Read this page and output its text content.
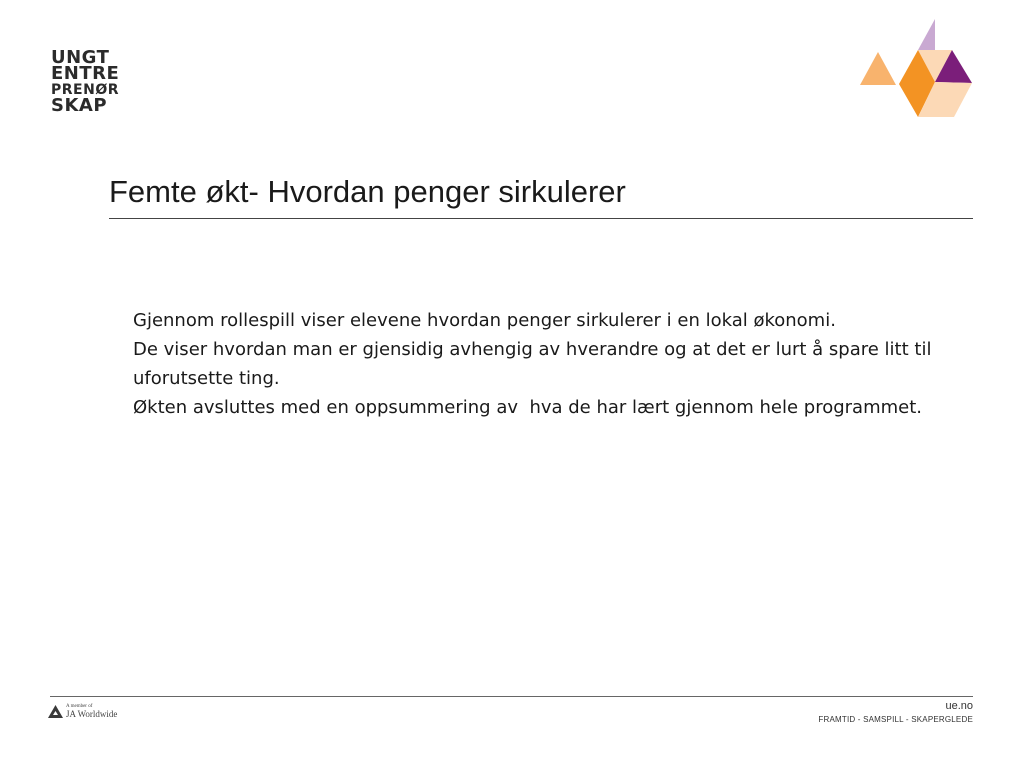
UNGT
ENTRE
PRENØR
SKAP
Femte økt- Hvordan penger sirkulerer

Gjennom rollespill viser elevene hvordan penger sirkulerer i en lokal økonomi.

De viser hvordan man er gjensidig avhengig av hverandre og at det er lurt å spare litt til uforutsette ting.

Økten avsluttes med en oppsummering av  hva de har lært gjennom hele programmet.

A member of
JA Worldwide
ue.no
FRAMTID - SAMSPILL - SKAPERGLEDE
